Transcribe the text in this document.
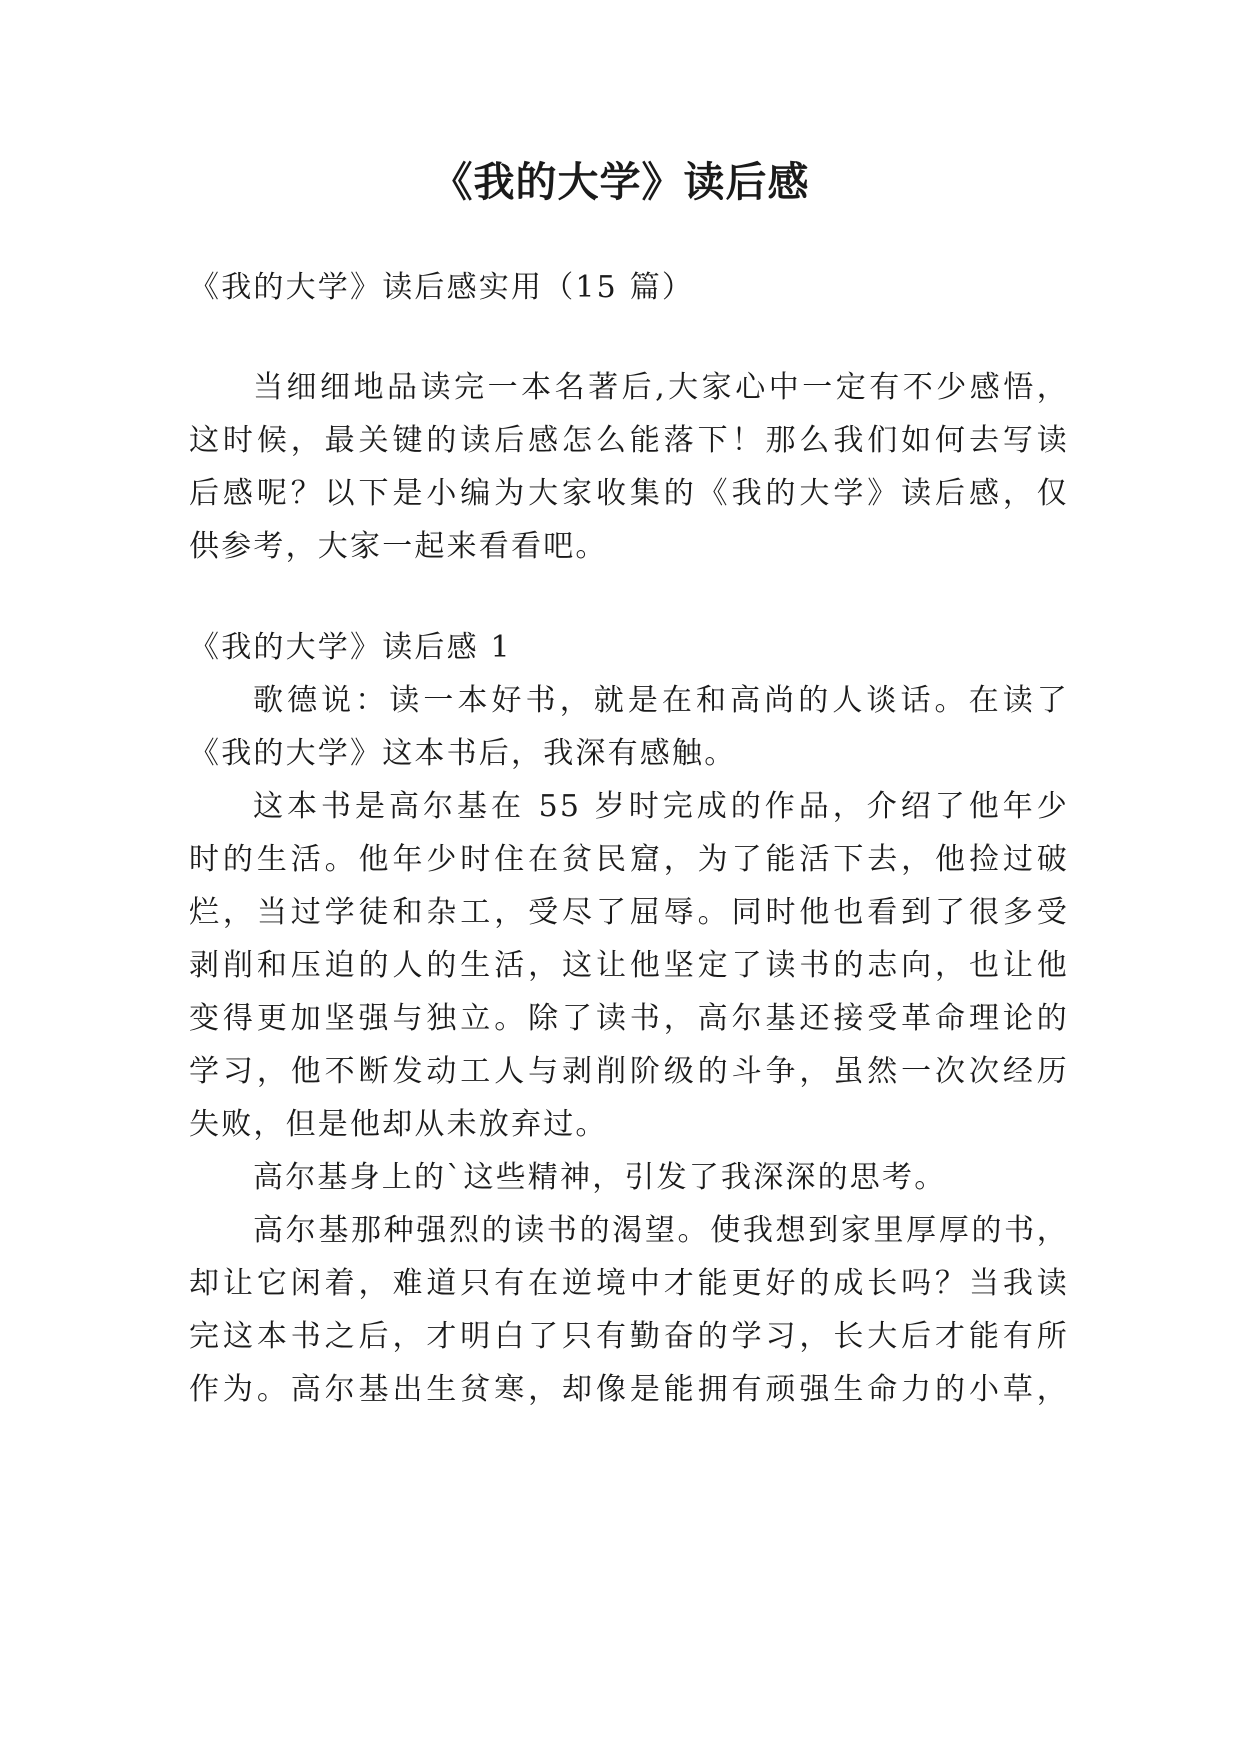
《我的大学》读后感
《我的大学》读后感实用（15 篇）
当细细地品读完一本名著后,大家心中一定有不少感悟，
这时候，最关键的读后感怎么能落下！那么我们如何去写读
后感呢？以下是小编为大家收集的《我的大学》读后感，仅
供参考，大家一起来看看吧。
《我的大学》读后感 1
歌德说：读一本好书，就是在和高尚的人谈话。在读了
《我的大学》这本书后，我深有感触。
这本书是高尔基在 55 岁时完成的作品，介绍了他年少
时的生活。他年少时住在贫民窟，为了能活下去，他捡过破
烂，当过学徒和杂工，受尽了屈辱。同时他也看到了很多受
剥削和压迫的人的生活，这让他坚定了读书的志向，也让他
变得更加坚强与独立。除了读书，高尔基还接受革命理论的
学习，他不断发动工人与剥削阶级的斗争，虽然一次次经历
失败，但是他却从未放弃过。
高尔基身上的`这些精神，引发了我深深的思考。
高尔基那种强烈的读书的渴望。使我想到家里厚厚的书，
却让它闲着，难道只有在逆境中才能更好的成长吗？当我读
完这本书之后，才明白了只有勤奋的学习，长大后才能有所
作为。高尔基出生贫寒，却像是能拥有顽强生命力的小草，
